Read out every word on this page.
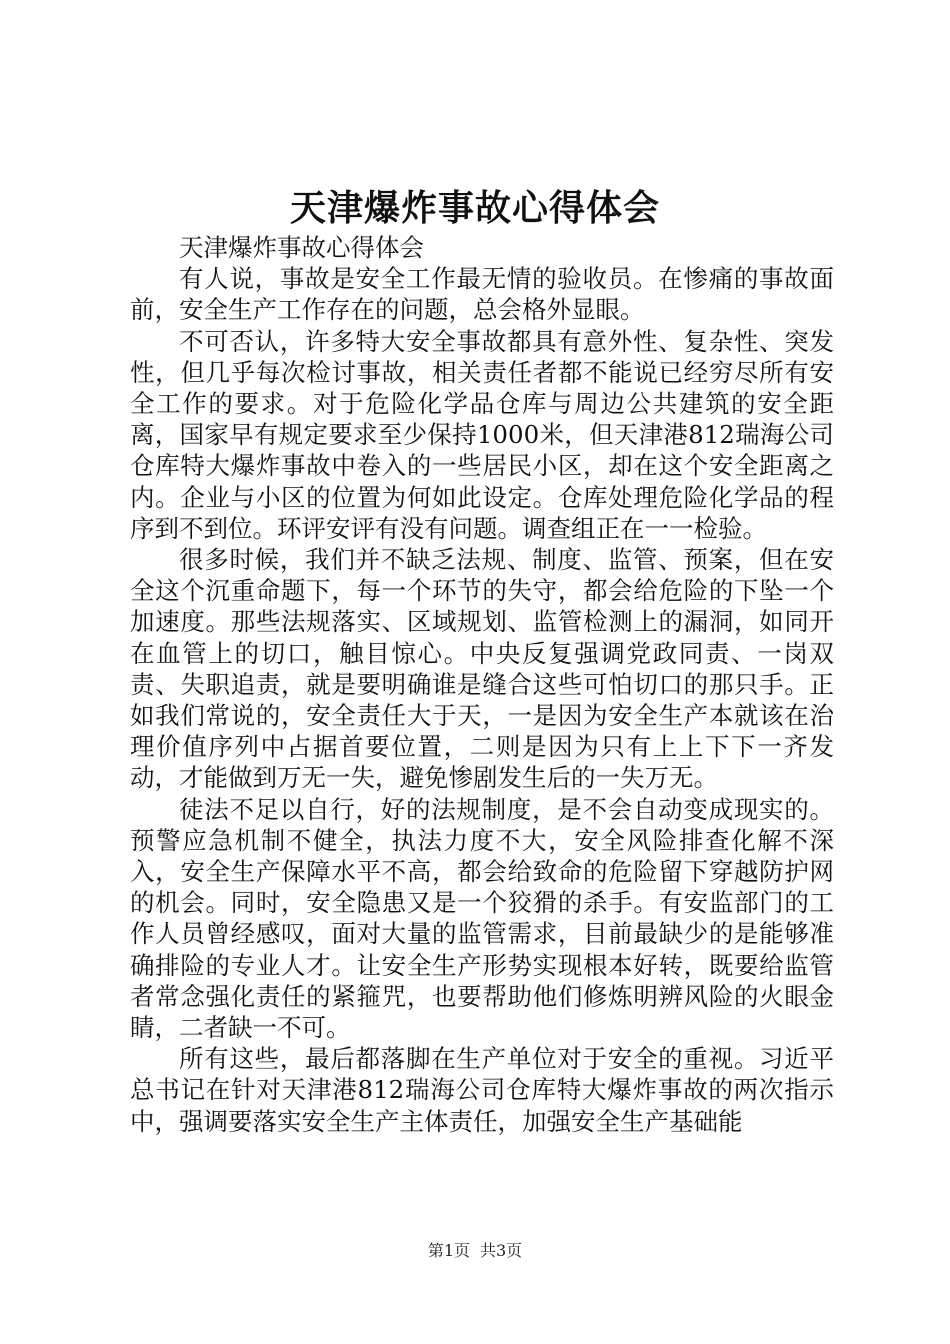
天津爆炸事故心得体会

天津爆炸事故心得体会

有人说，事故是安全工作最无情的验收员。在惨痛的事故面前，安全生产工作存在的问题，总会格外显眼。

不可否认，许多特大安全事故都具有意外性、复杂性、突发性，但几乎每次检讨事故，相关责任者都不能说已经穷尽所有安全工作的要求。对于危险化学品仓库与周边公共建筑的安全距离，国家早有规定要求至少保持1000米，但天津港812瑞海公司仓库特大爆炸事故中卷入的一些居民小区，却在这个安全距离之内。企业与小区的位置为何如此设定。仓库处理危险化学品的程序到不到位。环评安评有没有问题。调查组正在一一检验。

很多时候，我们并不缺乏法规、制度、监管、预案，但在安全这个沉重命题下，每一个环节的失守，都会给危险的下坠一个加速度。那些法规落实、区域规划、监管检测上的漏洞，如同开在血管上的切口，触目惊心。中央反复强调党政同责、一岗双责、失职追责，就是要明确谁是缝合这些可怕切口的那只手。正如我们常说的，安全责任大于天，一是因为安全生产本就该在治理价值序列中占据首要位置，二则是因为只有上上下下一齐发动，才能做到万无一失，避免惨剧发生后的一失万无。

徒法不足以自行，好的法规制度，是不会自动变成现实的。预警应急机制不健全，执法力度不大，安全风险排查化解不深入，安全生产保障水平不高，都会给致命的危险留下穿越防护网的机会。同时，安全隐患又是一个狡猾的杀手。有安监部门的工作人员曾经感叹，面对大量的监管需求，目前最缺少的是能够准确排险的专业人才。让安全生产形势实现根本好转，既要给监管者常念强化责任的紧箍咒，也要帮助他们修炼明辨风险的火眼金睛，二者缺一不可。

所有这些，最后都落脚在生产单位对于安全的重视。习近平总书记在针对天津港812瑞海公司仓库特大爆炸事故的两次指示中，强调要落实安全生产主体责任，加强安全生产基础能

第1页 共3页
